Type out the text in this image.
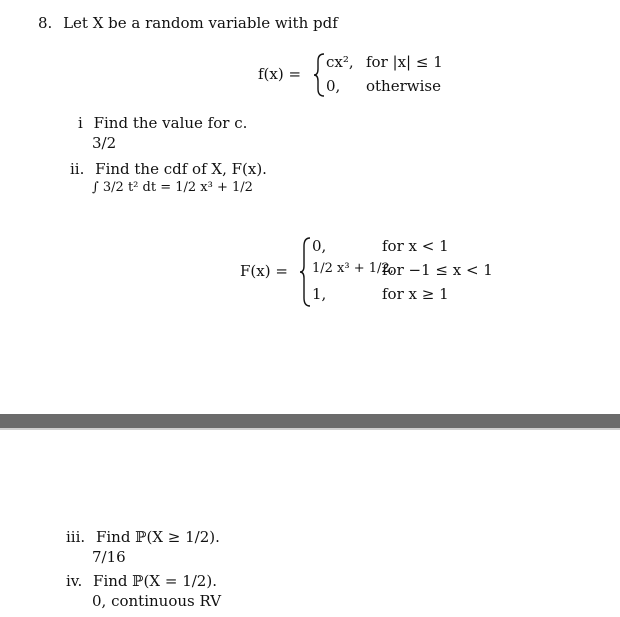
8. Let X be a random variable with pdf
f(x) =
cx², for |x| ≤ 1
0, otherwise
i Find the value for c.
3/2
ii. Find the cdf of X, F(x).
∫ 3/2 t² dt = 1/2 x³ + 1/2
F(x) =
0,	for x < 1
1/2 x³ + 1/2,
for −1 ≤ x < 1
1,	for x ≥ 1
iii. Find ℙ(X ≥ 1/2).
7/16
iv. Find ℙ(X = 1/2).
0, continuous RV
